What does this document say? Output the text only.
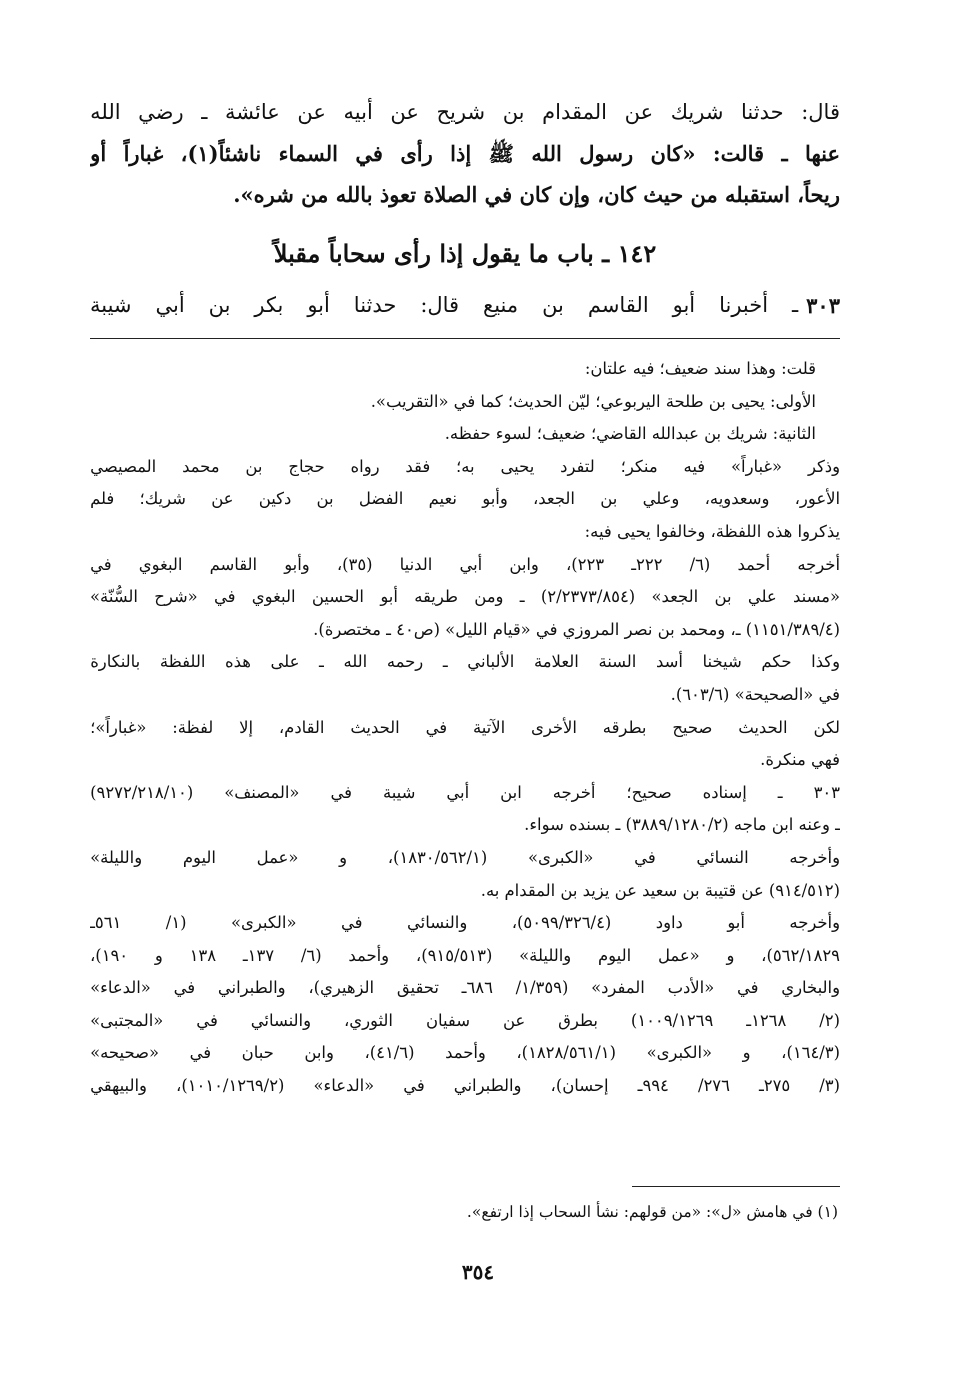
قال:
حدثنا
شريك
عن
المقدام
بن
شريح
عن
أبيه
عن
عائشة
ـ
رضي
الله
عنها
ـ
قالت:
«كان
رسول
الله
ﷺ
إذا
رأى
في
السماء
ناشئاً(١)،
غباراً
أو
ريحاً، استقبله من حيث كان، وإن كان في الصلاة تعوذ بالله من شره».
١٤٢ ـ باب ما يقول إذا رأى سحاباً مقبلاً
٣٠٣
ـ أخبرنا أبو القاسم بن منيع قال: حدثنا أبو بكر بن أبي شيبة
قلت: وهذا سند ضعيف؛ فيه علتان:
الأولى: يحيى بن طلحة اليربوعي؛ ليّن الحديث؛ كما في «التقريب».
الثانية: شريك بن عبدالله القاضي؛ ضعيف؛ لسوء حفظه.
وذكر
«غباراً»
فيه
منكر؛
لتفرد
يحيى
به؛
فقد
رواه
حجاج
بن
محمد
المصيصي
الأعور،
وسعدويه،
وعلي
بن
الجعد،
وأبو
نعيم
الفضل
بن
دكين
عن
شريك؛
فلم
يذكروا هذه اللفظة، وخالفوا يحيى فيه:
أخرجه
أحمد
(٦/
٢٢٢ـ
٢٢٣)،
وابن
أبي
الدنيا
(٣٥)،
وأبو
القاسم
البغوي
في
«مسند
علي
بن
الجعد»
(٢/٢٣٧٣/٨٥٤)
ـ
ومن
طريقه
أبو
الحسين
البغوي
في
«شرح
السُّنّة»
(١١٥١/٣٨٩/٤) ـ، ومحمد بن نصر المروزي في «قيام الليل» (ص٤٠ ـ مختصرة).
وكذا
حكم
شيخنا
أسد
السنة
العلامة
الألباني
ـ
رحمه
الله
ـ
على
هذه
اللفظة
بالنكارة
في «الصحيحة» (٦٠٣/٦).
لكن
الحديث
صحيح
بطرقه
الأخرى
الآتية
في
الحديث
القادم،
إلا
لفظة:
«غباراً»؛
فهي منكرة.
٣٠٣
ـ
إسناده
صحيح؛
أخرجه
ابن
أبي
شيبة
في
«المصنف»
(٩٢٧٢/٢١٨/١٠)
ـ وعنه ابن ماجه (٣٨٨٩/١٢٨٠/٢) ـ بسنده سواء.
وأخرجه
النسائي
في
«الكبرى»
(١٨٣٠/٥٦٢/١)،
و
«عمل
اليوم
والليلة»
(٩١٤/٥١٢) عن قتيبة بن سعيد عن يزيد بن المقدام به.
وأخرجه
أبو
داود
(٥٠٩٩/٣٢٦/٤)،
والنسائي
في
«الكبرى»
(١/
٥٦١ـ
٥٦٢/١٨٢٩)،
و
«عمل
اليوم
والليلة»
(٩١٥/٥١٣)،
وأحمد
(٦/
١٣٧ـ
١٣٨
و
١٩٠)،
والبخاري
في
«الأدب
المفرد»
(١/٣٥٩/
٦٨٦ـ
تحقيق
الزهيري)،
والطبراني
في
«الدعاء»
(٢/
١٢٦٨ـ
١٠٠٩/١٢٦٩)
بطرق
عن
سفيان
الثوري،
والنسائي
في
«المجتبى»
(١٦٤/٣)،
و
«الكبرى»
(١٨٢٨/٥٦١/١)،
وأحمد
(٤١/٦)،
وابن
حبان
في
«صحيحه»
(٣/
٢٧٥ـ
٢٧٦/
٩٩٤ـ
إحسان)،
والطبراني
في
«الدعاء»
(١٠١٠/١٢٦٩/٢)،
والبيهقي
(١) في هامش «ل»: «من قولهم: نشأ السحاب إذا ارتفع».
٣٥٤
